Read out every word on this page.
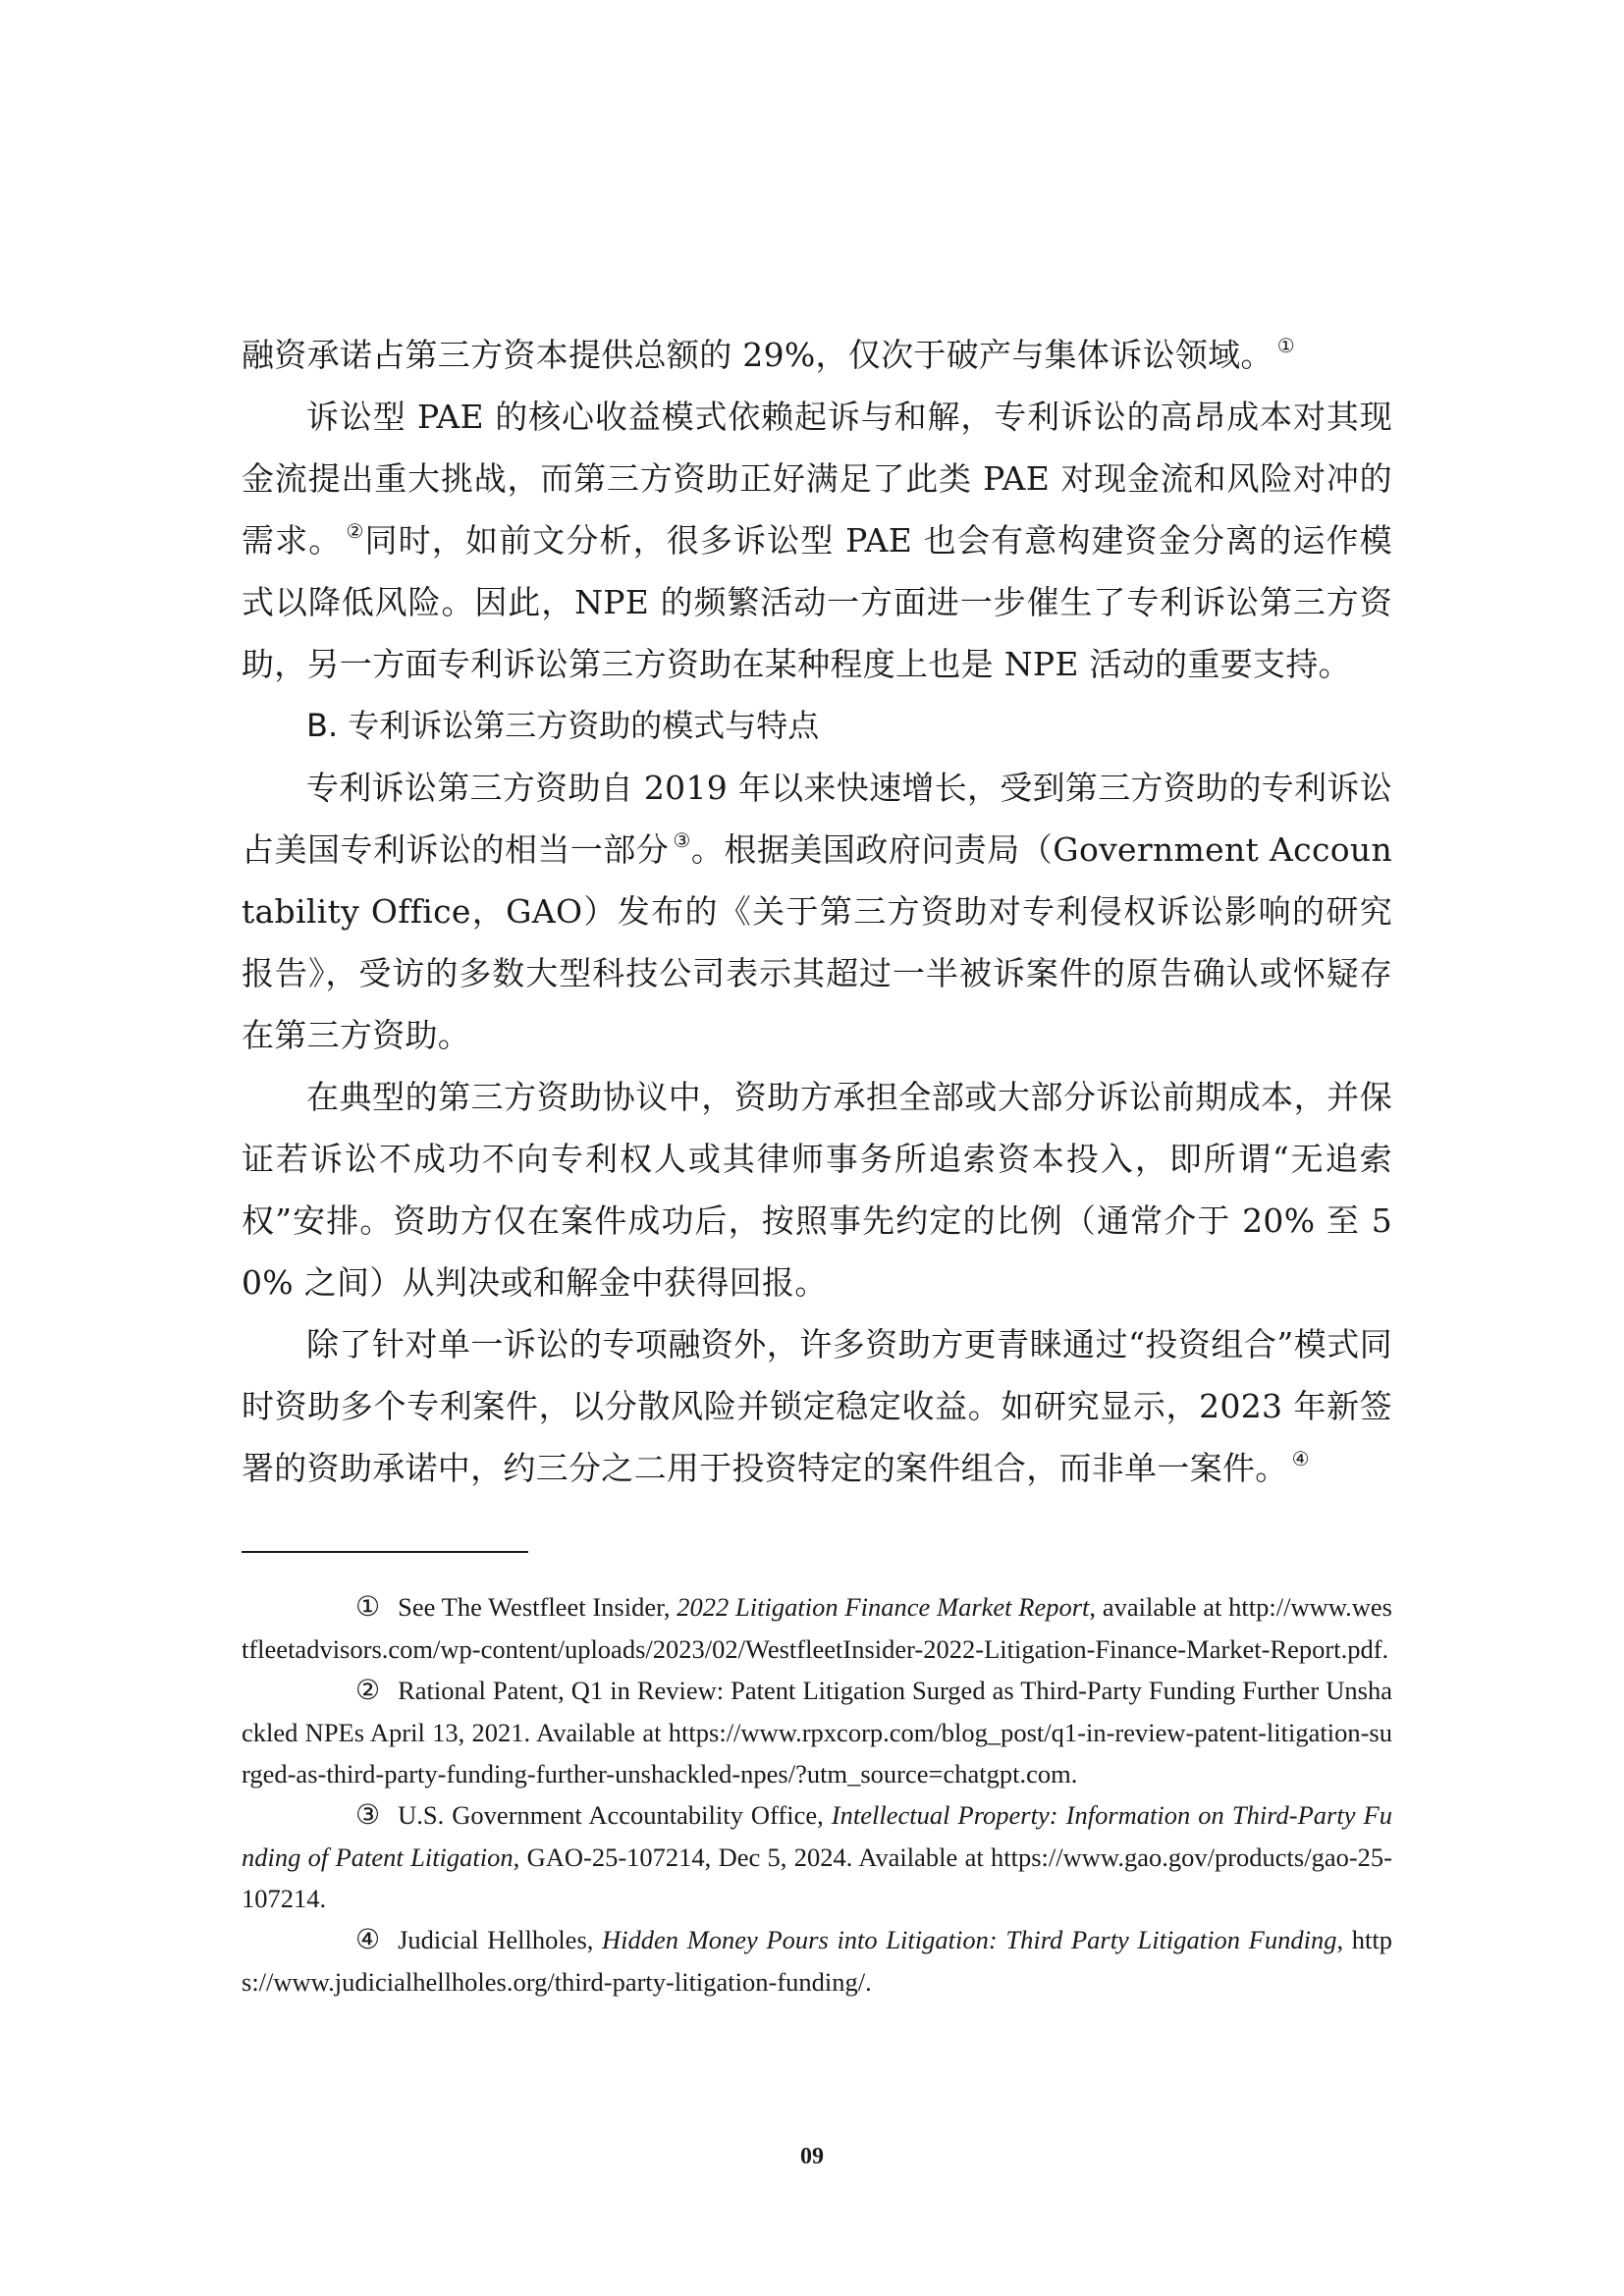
融资承诺占第三方资本提供总额的 29%，仅次于破产与集体诉讼领域。 ①

诉讼型 PAE 的核心收益模式依赖起诉与和解，专利诉讼的高昂成本对其现金流提出重大挑战，而第三方资助正好满足了此类 PAE 对现金流和风险对冲的需求。 ②同时，如前文分析，很多诉讼型 PAE 也会有意构建资金分离的运作模式以降低风险。因此，NPE 的频繁活动一方面进一步催生了专利诉讼第三方资助，另一方面专利诉讼第三方资助在某种程度上也是 NPE 活动的重要支持。

B. 专利诉讼第三方资助的模式与特点

专利诉讼第三方资助自 2019 年以来快速增长，受到第三方资助的专利诉讼占美国专利诉讼的相当一部分 ③。根据美国政府问责局（Government Accountability Office，GAO）发布的《关于第三方资助对专利侵权诉讼影响的研究报告》，受访的多数大型科技公司表示其超过一半被诉案件的原告确认或怀疑存在第三方资助。

在典型的第三方资助协议中，资助方承担全部或大部分诉讼前期成本，并保证若诉讼不成功不向专利权人或其律师事务所追索资本投入，即所谓“无追索权”安排。资助方仅在案件成功后，按照事先约定的比例（通常介于 20% 至 50% 之间）从判决或和解金中获得回报。

除了针对单一诉讼的专项融资外，许多资助方更青睐通过“投资组合”模式同时资助多个专利案件，以分散风险并锁定稳定收益。如研究显示，2023 年新签署的资助承诺中，约三分之二用于投资特定的案件组合，而非单一案件。 ④

① See The Westfleet Insider, 2022 Litigation Finance Market Report, available at http://www.westfleetadvisors.com/wp-content/uploads/2023/02/WestfleetInsider-2022-Litigation-Finance-Market-Report.pdf.

② Rational Patent, Q1 in Review: Patent Litigation Surged as Third-Party Funding Further Unshackled NPEs April 13, 2021. Available at https://www.rpxcorp.com/blog_post/q1-in-review-patent-litigation-surged-as-third-party-funding-further-unshackled-npes/?utm_source=chatgpt.com.

③ U.S. Government Accountability Office, Intellectual Property: Information on Third-Party Funding of Patent Litigation, GAO-25-107214, Dec 5, 2024. Available at https://www.gao.gov/products/gao-25-107214.

④ Judicial Hellholes, Hidden Money Pours into Litigation: Third Party Litigation Funding, https://www.judicialhellholes.org/third-party-litigation-funding/.

09
